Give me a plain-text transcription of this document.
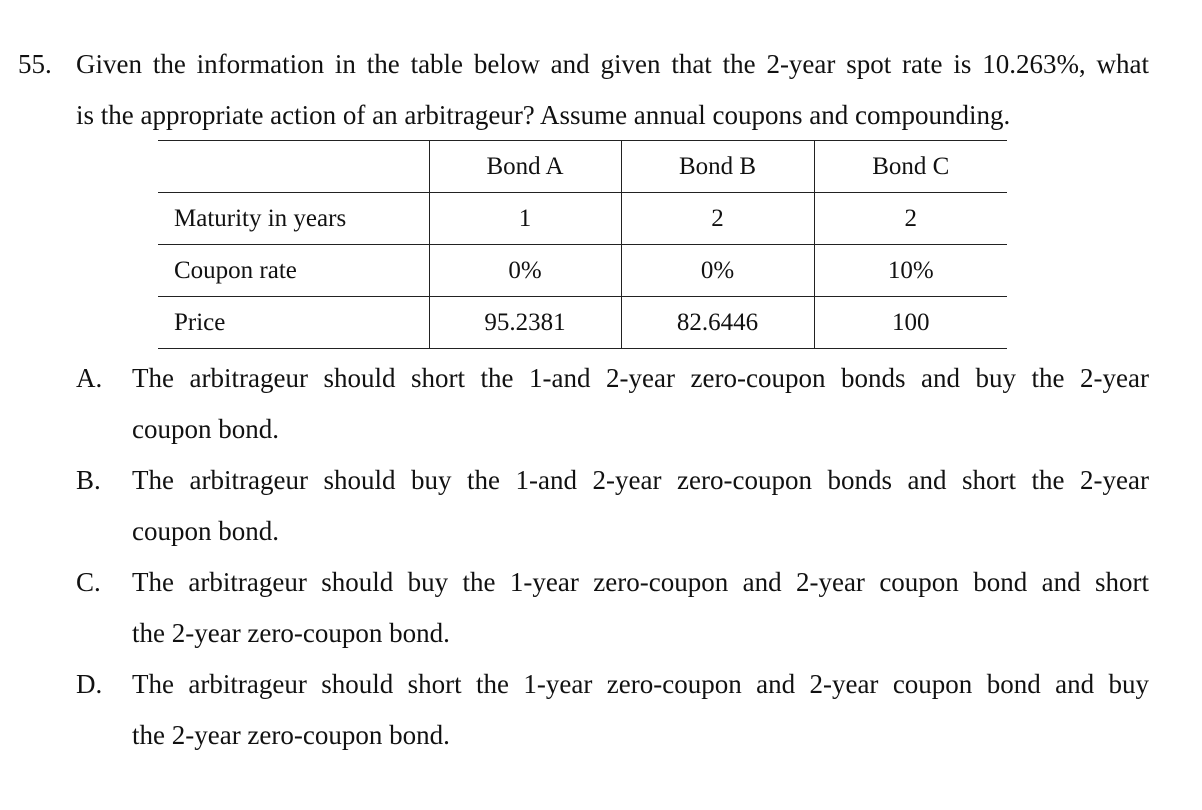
55. Given the information in the table below and given that the 2-year spot rate is 10.263%, what
is the appropriate action of an arbitrageur? Assume annual coupons and compounding.
	Bond A	Bond B	Bond C
Maturity in years	1	2	2
Coupon rate	0%	0%	10%
Price	95.2381	82.6446	100
A. The arbitrageur should short the 1-and 2-year zero-coupon bonds and buy the 2-year
coupon bond.
B. The arbitrageur should buy the 1-and 2-year zero-coupon bonds and short the 2-year
coupon bond.
C. The arbitrageur should buy the 1-year zero-coupon and 2-year coupon bond and short
the 2-year zero-coupon bond.
D. The arbitrageur should short the 1-year zero-coupon and 2-year coupon bond and buy
the 2-year zero-coupon bond.
